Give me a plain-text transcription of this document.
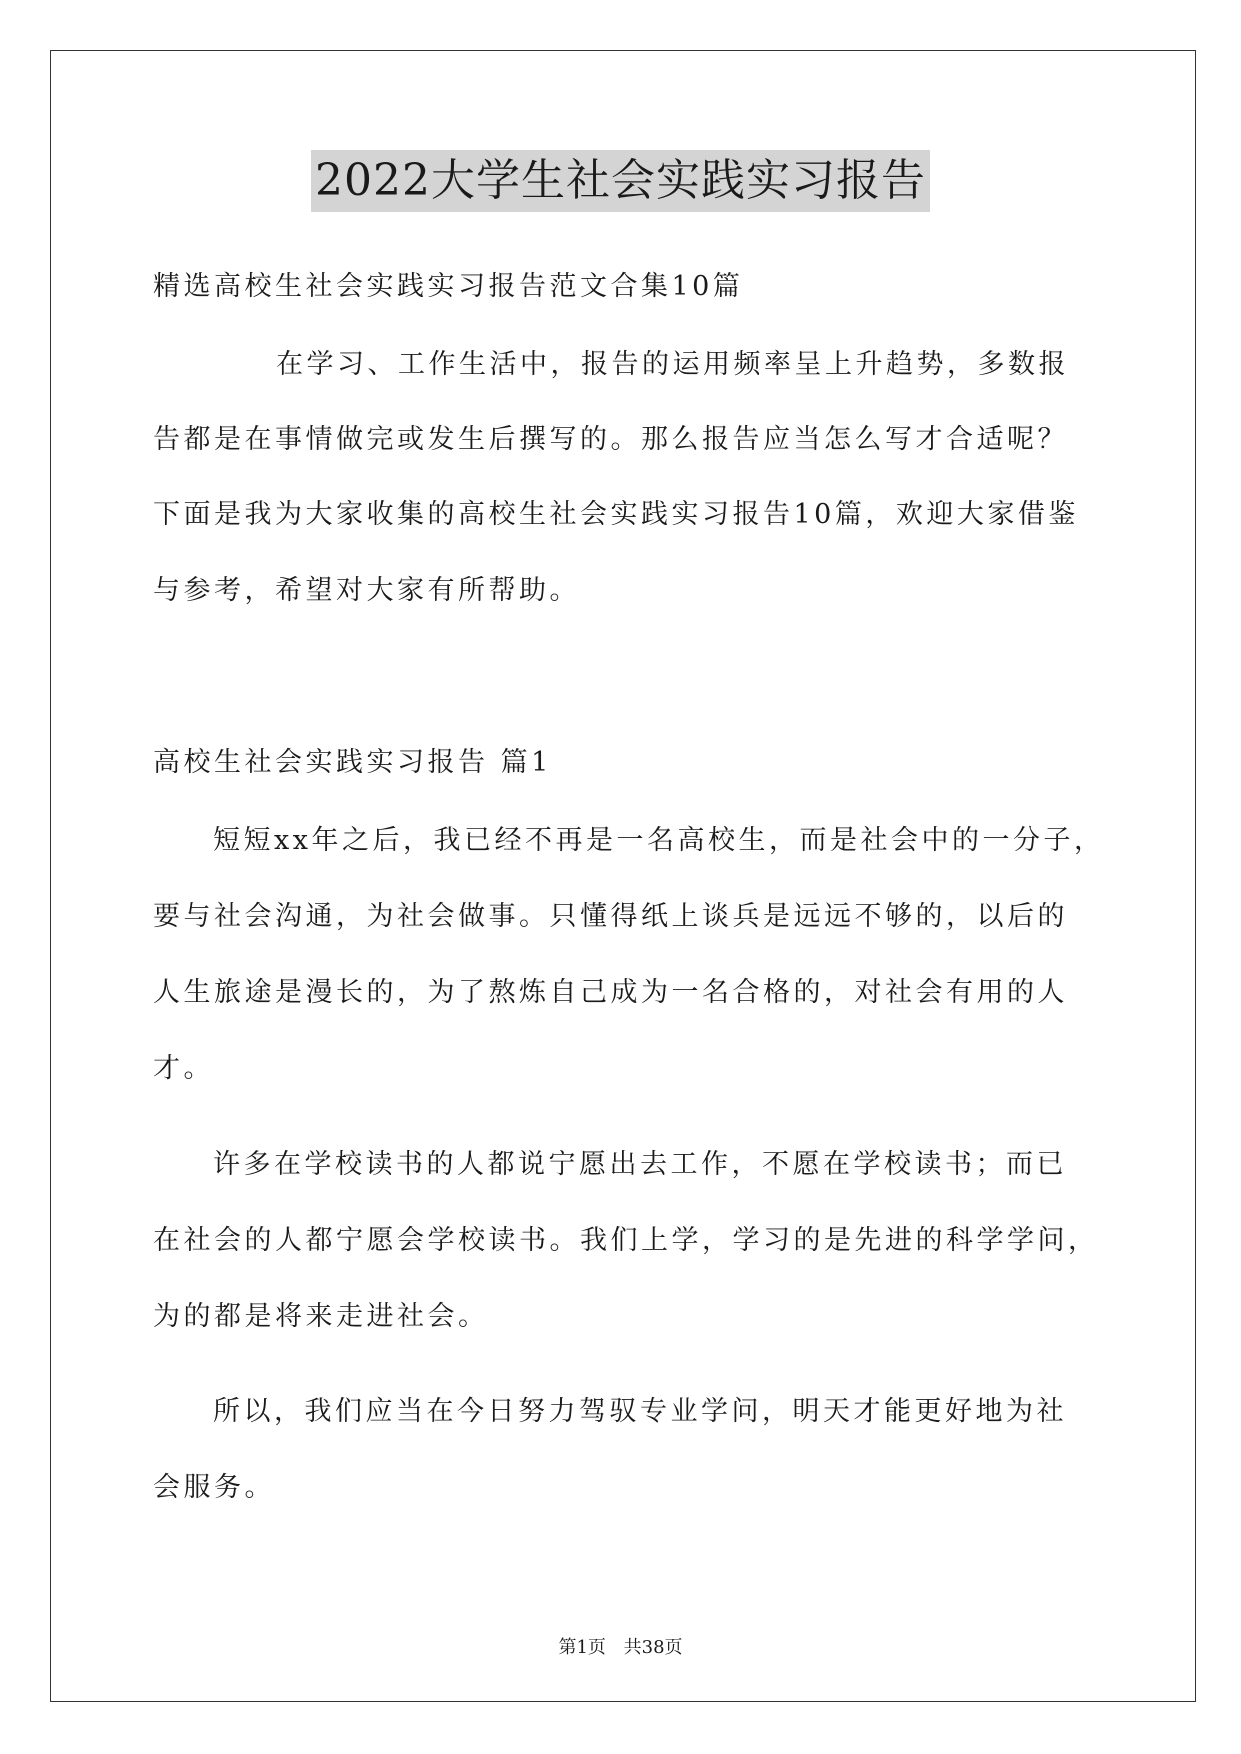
2022大学生社会实践实习报告
精选高校生社会实践实习报告范文合集10篇
在学习、工作生活中，报告的运用频率呈上升趋势，多数报
告都是在事情做完或发生后撰写的。那么报告应当怎么写才合适呢？
下面是我为大家收集的高校生社会实践实习报告10篇，欢迎大家借鉴
与参考，希望对大家有所帮助。
高校生社会实践实习报告 篇1
短短xx年之后，我已经不再是一名高校生，而是社会中的一分子，
要与社会沟通，为社会做事。只懂得纸上谈兵是远远不够的，以后的
人生旅途是漫长的，为了熬炼自己成为一名合格的，对社会有用的人
才。
许多在学校读书的人都说宁愿出去工作，不愿在学校读书；而已
在社会的人都宁愿会学校读书。我们上学，学习的是先进的科学学问，
为的都是将来走进社会。
所以，我们应当在今日努力驾驭专业学问，明天才能更好地为社
会服务。
第1页 共38页
